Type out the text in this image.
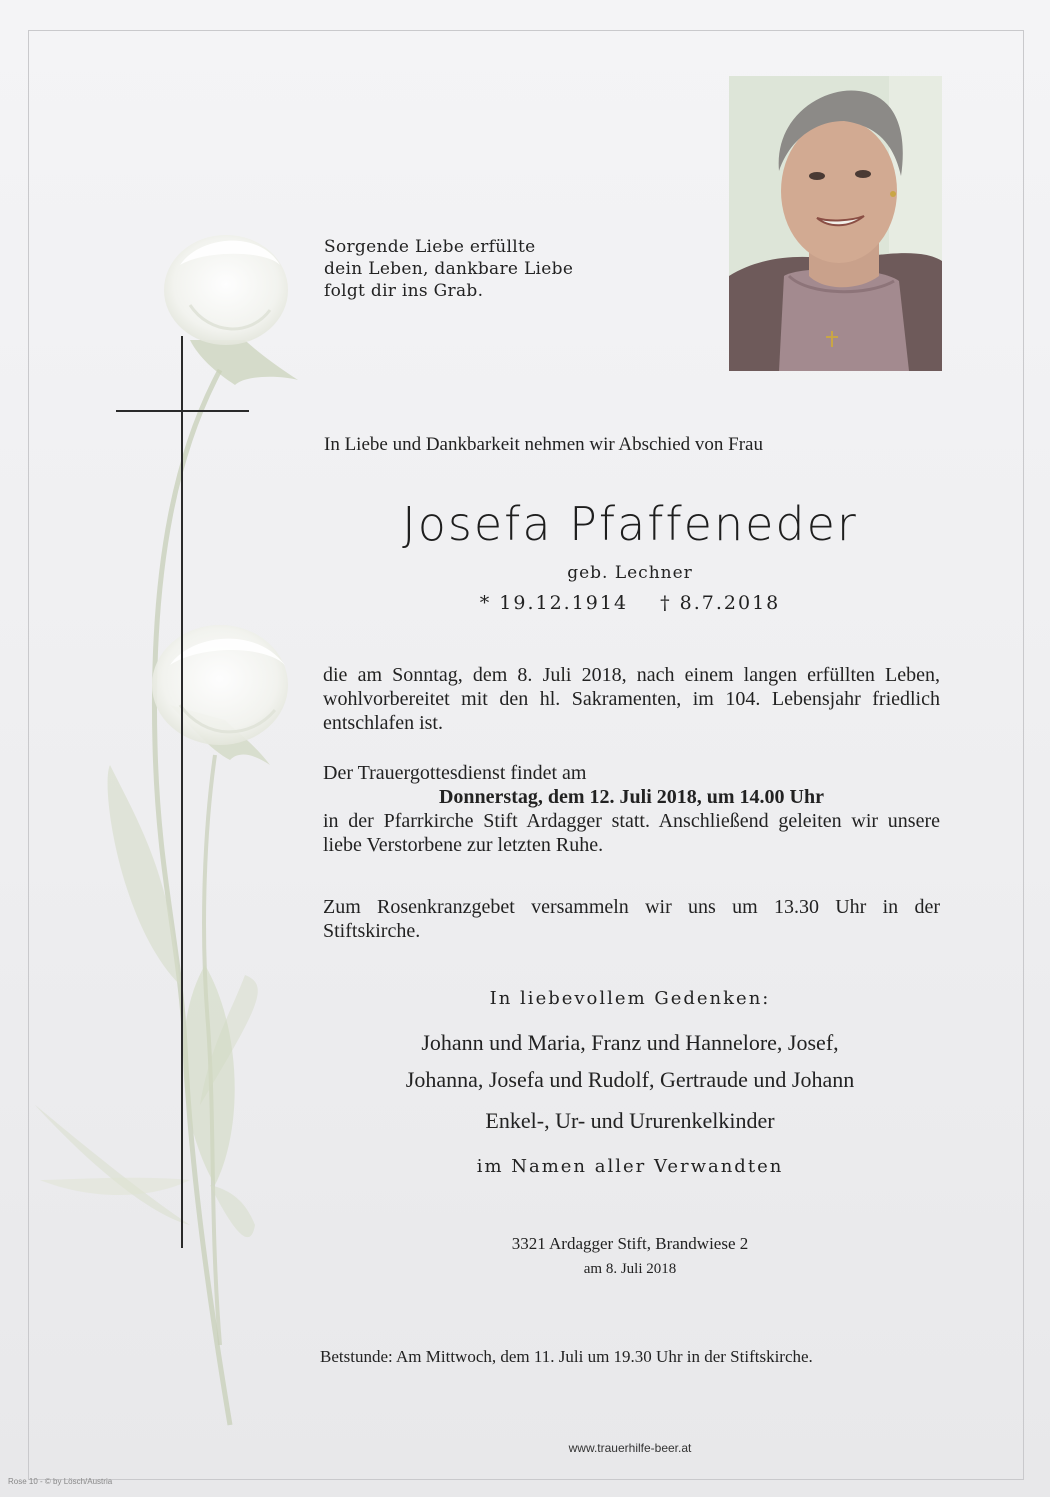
Sorgende Liebe erfüllte
dein Leben, dankbare Liebe
folgt dir ins Grab.
In Liebe und Dankbarkeit nehmen wir Abschied von Frau
Josefa Pfaffeneder
geb. Lechner
* 19.12.1914 † 8.7.2018
die am Sonntag, dem 8. Juli 2018, nach einem langen erfüllten Leben, wohlvorbereitet mit den hl. Sakramenten, im 104. Lebensjahr friedlich entschlafen ist.
Der Trauergottesdienst findet am
Donnerstag, dem 12. Juli 2018, um 14.00 Uhr
in der Pfarrkirche Stift Ardagger statt. Anschließend geleiten wir unsere liebe Verstorbene zur letzten Ruhe.
Zum Rosenkranzgebet versammeln wir uns um 13.30 Uhr in der Stiftskirche.
In liebevollem Gedenken:
Johann und Maria, Franz und Hannelore, Josef,
Johanna, Josefa und Rudolf, Gertraude und Johann
Enkel-, Ur- und Ururenkelkinder
im Namen aller Verwandten
3321 Ardagger Stift, Brandwiese 2
am 8. Juli 2018
Betstunde: Am Mittwoch, dem 11. Juli um 19.30 Uhr in der Stiftskirche.
www.trauerhilfe-beer.at
Rose 10 - © by Lösch/Austria
